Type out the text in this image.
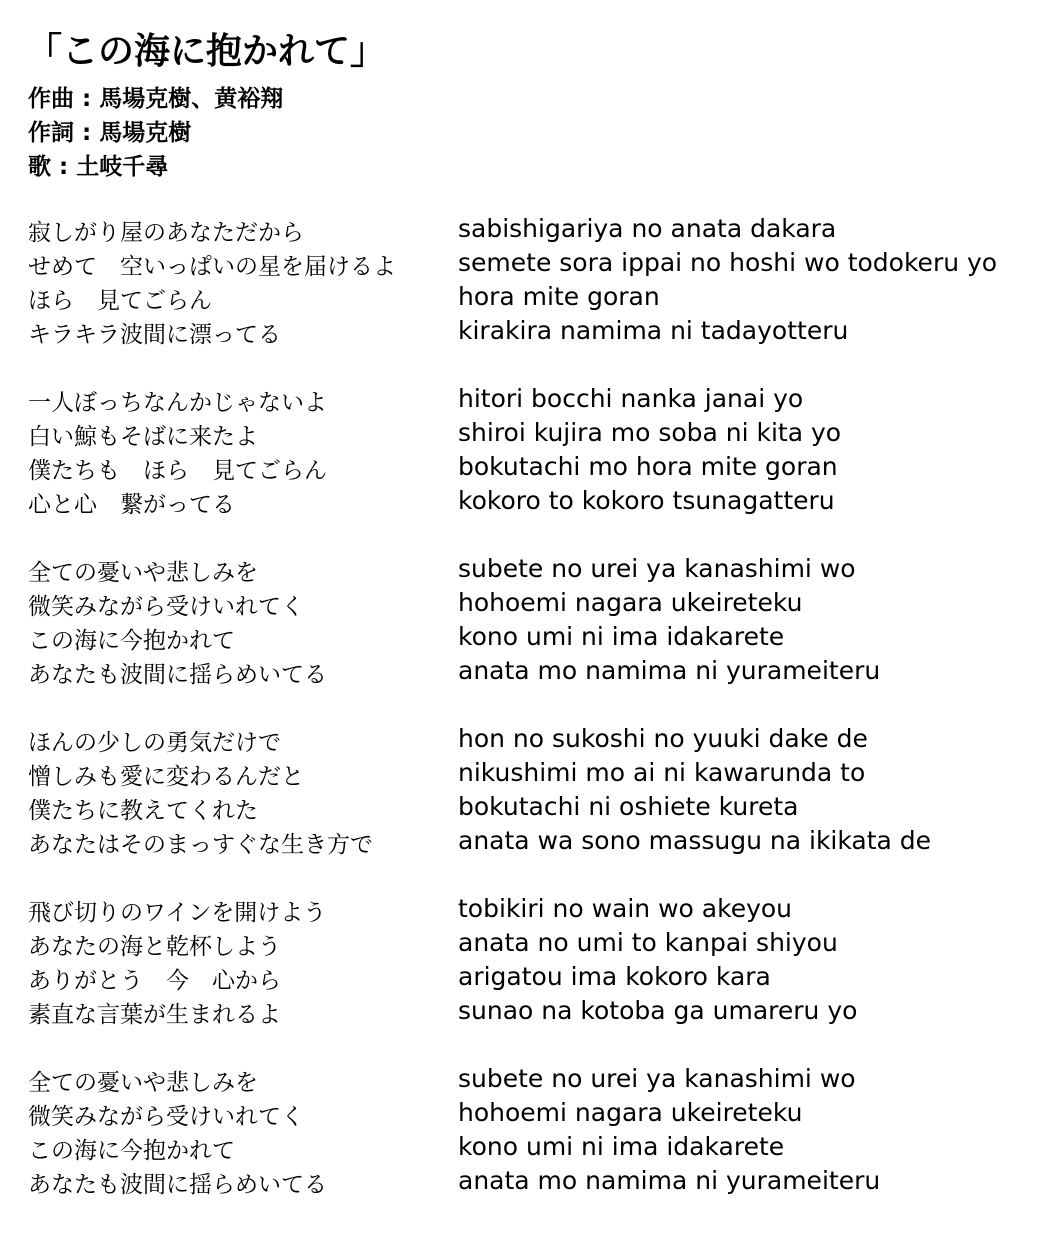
「この海に抱かれて」
作曲 : 馬場克樹、黄裕翔
作詞 : 馬場克樹
歌 : 土岐千尋
寂しがり屋のあなただから	sabishigariya no anata dakara
せめて　空いっぱいの星を届けるよ semete sora ippai no hoshi wo todokeru yo
ほら　見てごらん	hora mite goran
キラキラ波間に漂ってる	kirakira namima ni tadayotteru
一人ぼっちなんかじゃないよ	hitori bocchi nanka janai yo
白い鯨もそばに来たよ	shiroi kujira mo soba ni kita yo
僕たちも　ほら　見てごらん	bokutachi mo hora mite goran
心と心　繋がってる	kokoro to kokoro tsunagatteru
全ての憂いや悲しみを	subete no urei ya kanashimi wo
微笑みながら受けいれてく	hohoemi nagara ukeireteku
この海に今抱かれて	kono umi ni ima idakarete
あなたも波間に揺らめいてる	anata mo namima ni yurameiteru
ほんの少しの勇気だけで	hon no sukoshi no yuuki dake de
憎しみも愛に変わるんだと	nikushimi mo ai ni kawarunda to
僕たちに教えてくれた	bokutachi ni oshiete kureta
あなたはそのまっすぐな生き方で	anata wa sono massugu na ikikata de
飛び切りのワインを開けよう	tobikiri no wain wo akeyou
あなたの海と乾杯しよう	anata no umi to kanpai shiyou
ありがとう　今　心から	arigatou ima kokoro kara
素直な言葉が生まれるよ	sunao na kotoba ga umareru yo
全ての憂いや悲しみを	subete no urei ya kanashimi wo
微笑みながら受けいれてく	hohoemi nagara ukeireteku
この海に今抱かれて	kono umi ni ima idakarete
あなたも波間に揺らめいてる	anata mo namima ni yurameiteru
